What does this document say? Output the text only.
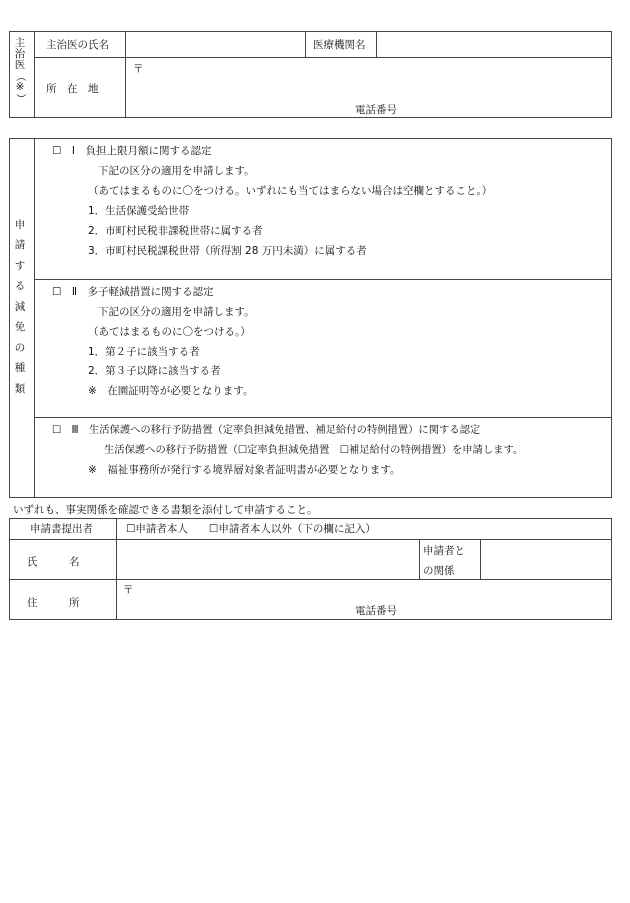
主
治
医
（
※
）
主治医の氏名	医療機関名
所　在　地
〒
電話番号
申
請
す
る
減
免
の
種
類
☐　Ⅰ　負担上限月額に関する認定
下記の区分の適用を申請します。
（あてはまるものに〇をつける。いずれにも当てはまらない場合は空欄とすること。）
1．生活保護受給世帯
2．市町村民税非課税世帯に属する者
3．市町村民税課税世帯（所得割 28 万円未満）に属する者
☐　Ⅱ　多子軽減措置に関する認定
下記の区分の適用を申請します。
（あてはまるものに〇をつける。）
1．第２子に該当する者
2．第３子以降に該当する者
※　在園証明等が必要となります。
☐　Ⅲ　生活保護への移行予防措置（定率負担減免措置、補足給付の特例措置）に関する認定
生活保護への移行予防措置（☐定率負担減免措置　☐補足給付の特例措置）を申請します。
※　福祉事務所が発行する境界層対象者証明書が必要となります。
いずれも、事実関係を確認できる書類を添付して申請すること。
申請書提出者	☐申請者本人　　☐申請者本人以外（下の欄に記入）
氏　　　名
申請者と
の関係
住　　　所
〒
電話番号
